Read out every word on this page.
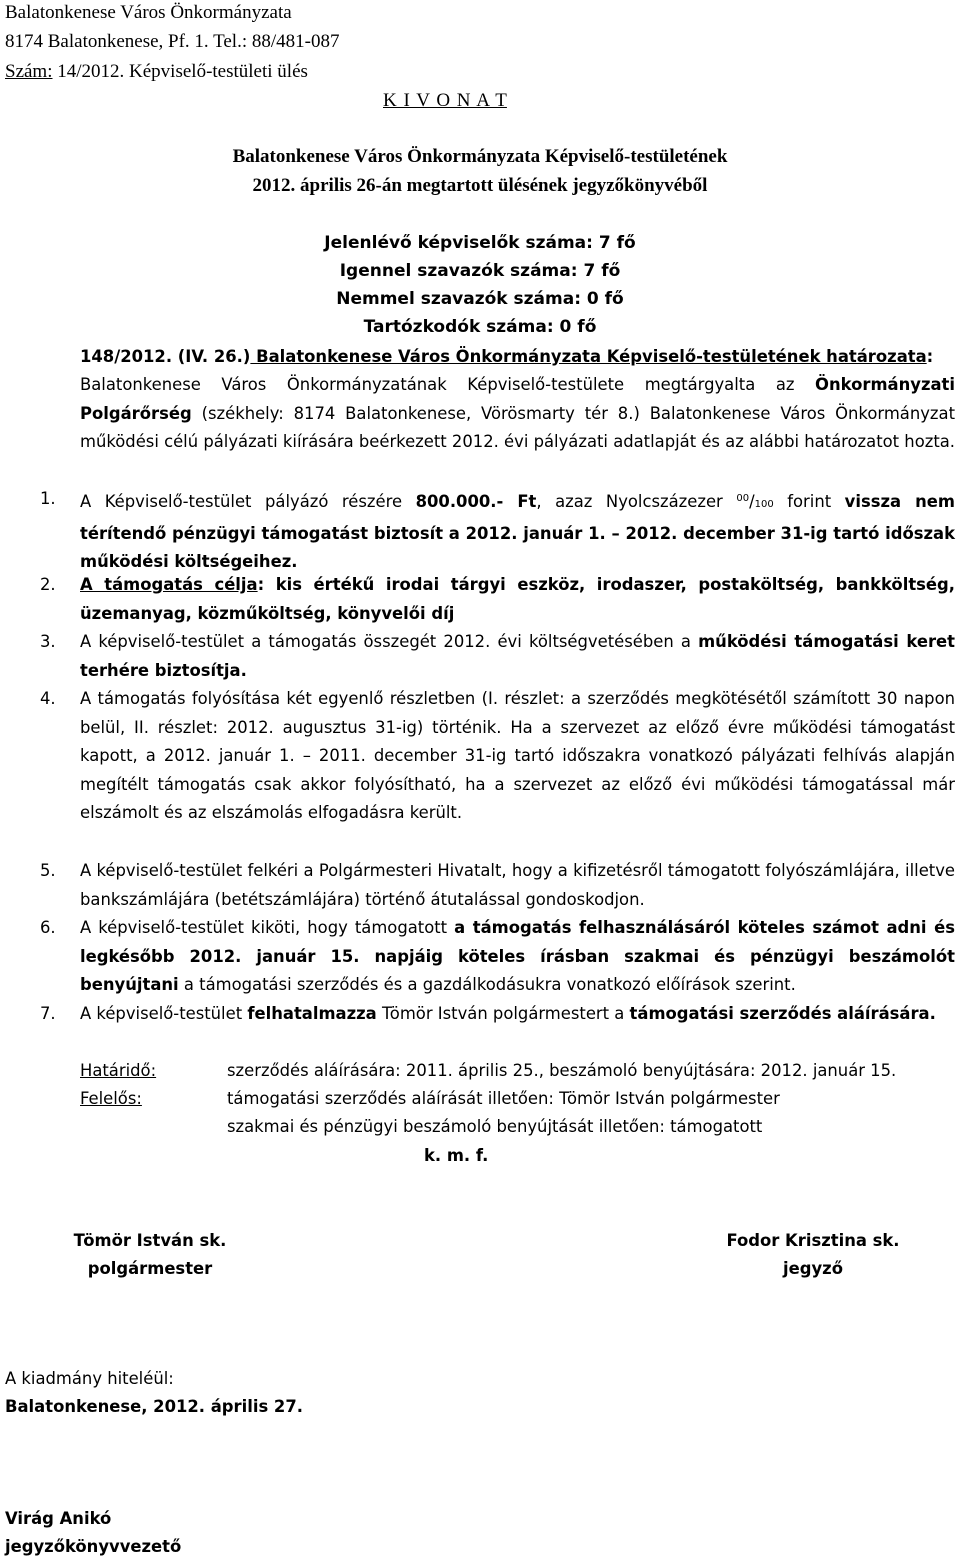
Balatonkenese Város Önkormányzata
8174 Balatonkenese, Pf. 1. Tel.: 88/481-087
Szám: 14/2012. Képviselő-testületi ülés
K I V O N A T
Balatonkenese Város Önkormányzata Képviselő-testületének
2012. április 26-án megtartott ülésének jegyzőkönyvéből
Jelenlévő képviselők száma: 7 fő
Igennel szavazók száma: 7 fő
Nemmel szavazók száma: 0 fő
Tartózkodók száma: 0 fő
148/2012. (IV. 26.) Balatonkenese Város Önkormányzata Képviselő-testületének határozata:
Balatonkenese Város Önkormányzatának Képviselő-testülete megtárgyalta az Önkormányzati Polgárőrség (székhely: 8174 Balatonkenese, Vörösmarty tér 8.) Balatonkenese Város Önkormányzat működési célú pályázati kiírására beérkezett 2012. évi pályázati adatlapját és az alábbi határozatot hozta.
1.	A Képviselő-testület pályázó részére 800.000.- Ft, azaz Nyolcszázezer $^{00}$/100 forint vissza nem térítendő pénzügyi támogatást biztosít a 2012. január 1. – 2012. december 31-ig tartó időszak működési költségeihez.
2.	A támogatás célja: kis értékű irodai tárgyi eszköz, irodaszer, postaköltség, bankköltség, üzemanyag, közműköltség, könyvelői díj
3.	A képviselő-testület a támogatás összegét 2012. évi költségvetésében a működési támogatási keret terhére biztosítja.
4.	A támogatás folyósítása két egyenlő részletben (I. részlet: a szerződés megkötésétől számított 30 napon belül, II. részlet: 2012. augusztus 31-ig) történik. Ha a szervezet az előző évre működési támogatást kapott, a 2012. január 1. – 2011. december 31-ig tartó időszakra vonatkozó pályázati felhívás alapján megítélt támogatás csak akkor folyósítható, ha a szervezet az előző évi működési támogatással már elszámolt és az elszámolás elfogadásra került.
5.	A képviselő-testület felkéri a Polgármesteri Hivatalt, hogy a kifizetésről támogatott folyószámlájára, illetve bankszámlájára (betétszámlájára) történő átutalással gondoskodjon.
6.	A képviselő-testület kiköti, hogy támogatott a támogatás felhasználásáról köteles számot adni és legkésőbb 2012. január 15. napjáig köteles írásban szakmai és pénzügyi beszámolót benyújtani a támogatási szerződés és a gazdálkodásukra vonatkozó előírások szerint.
7.	A képviselő-testület felhatalmazza Tömör István polgármestert a támogatási szerződés aláírására.
Határidő:	szerződés aláírására: 2011. április 25., beszámoló benyújtására: 2012. január 15.
Felelős:	támogatási szerződés aláírását illetően: Tömör István polgármester
szakmai és pénzügyi beszámoló benyújtását illetően: támogatott
k. m. f.
Tömör István sk.
polgármester
Fodor Krisztina sk.
jegyző
A kiadmány hiteléül:
Balatonkenese, 2012. április 27.
Virág Anikó
jegyzőkönyvvezető
